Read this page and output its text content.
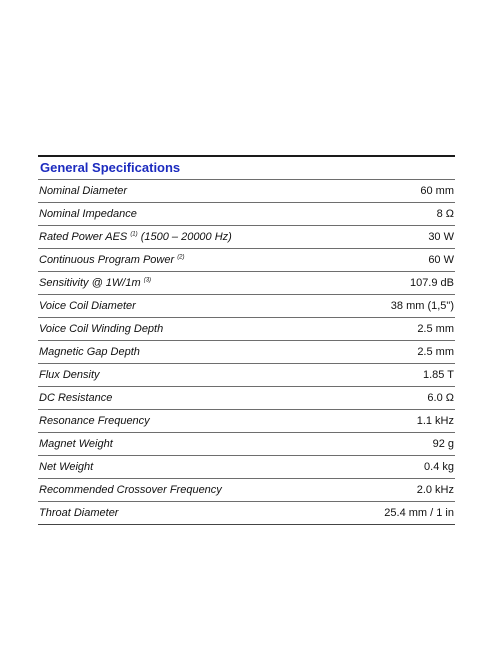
General Specifications
Nominal Diameter	60 mm
Nominal Impedance	8 Ω
Rated Power AES $^{(1)}$ (1500 – 20000 Hz)	30 W
Continuous Program Power $^{(2)}$	60 W
Sensitivity @ 1W/1m $^{(3)}$	107.9 dB
Voice Coil Diameter	38 mm (1,5")
Voice Coil Winding Depth	2.5 mm
Magnetic Gap Depth	2.5 mm
Flux Density	1.85 T
DC Resistance	6.0 Ω
Resonance Frequency	1.1 kHz
Magnet Weight	92 g
Net Weight	0.4 kg
Recommended Crossover Frequency	2.0 kHz
Throat Diameter	25.4 mm / 1 in
